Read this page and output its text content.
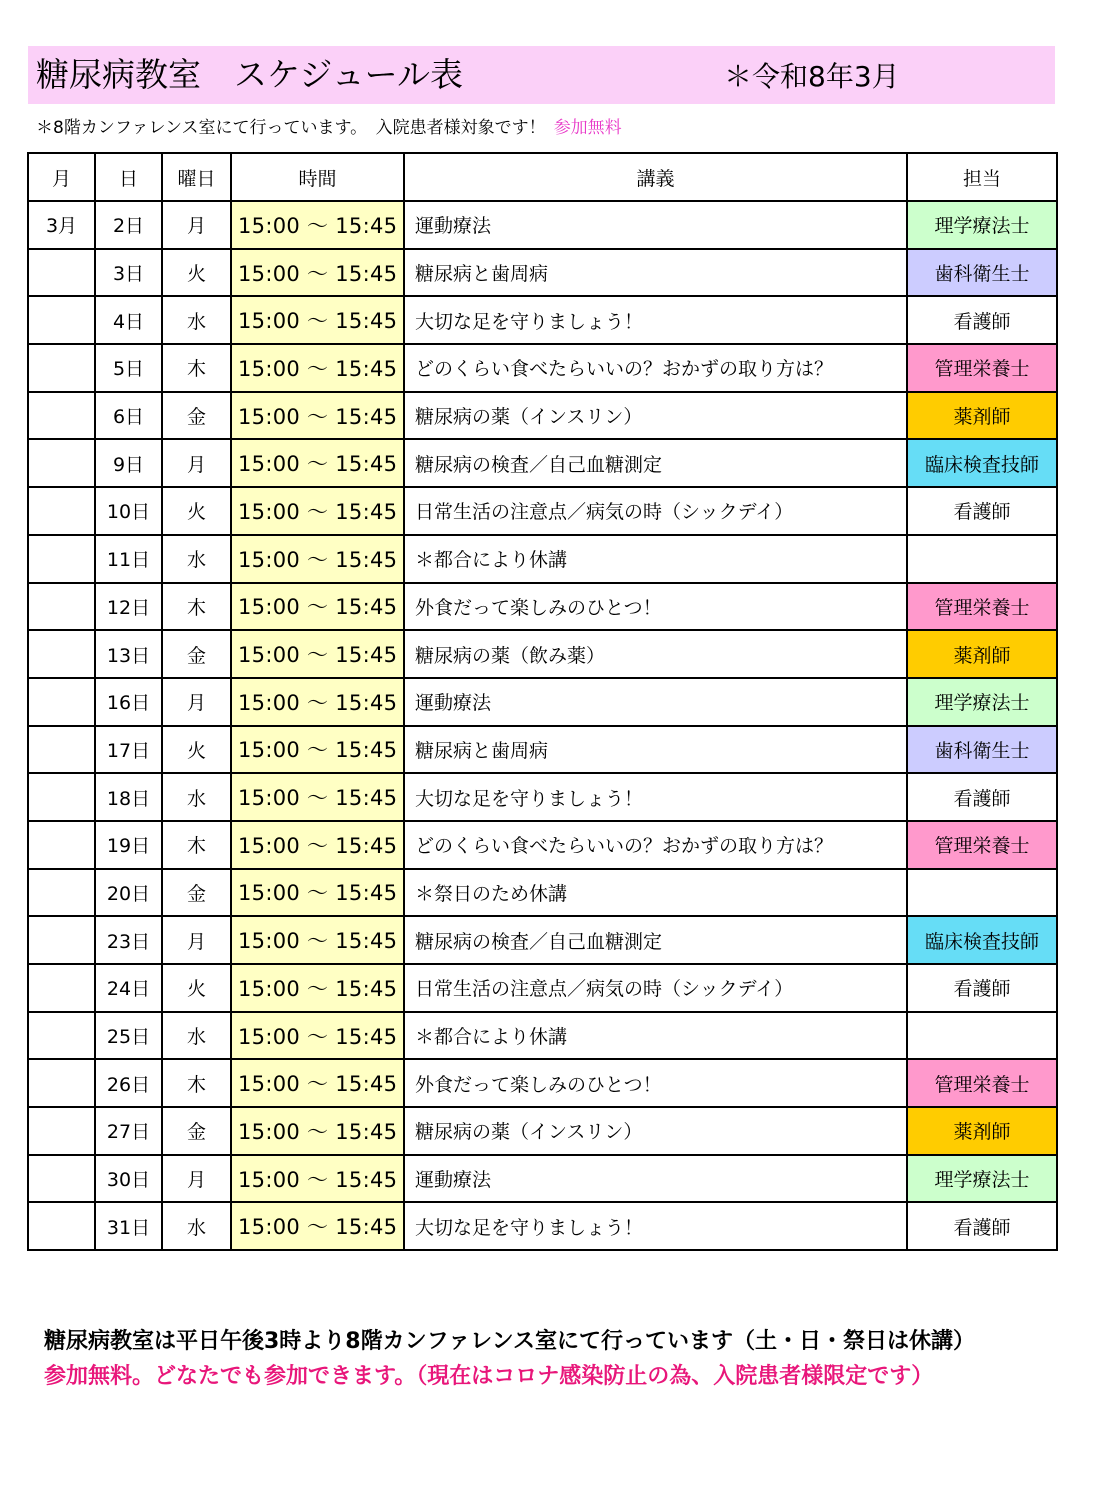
糖尿病教室　スケジュール表	＊令和8年3月
＊8階カンファレンス室にて行っています。　入院患者様対象です！ 参加無料
月	日	曜日	時間	講義	担当
3月	2日	月	15:00 ～ 15:45	運動療法	理学療法士
	3日	火	15:00 ～ 15:45	糖尿病と歯周病	歯科衛生士
	4日	水	15:00 ～ 15:45	大切な足を守りましょう！	看護師
	5日	木	15:00 ～ 15:45	どのくらい食べたらいいの？おかずの取り方は？	管理栄養士
	6日	金	15:00 ～ 15:45	糖尿病の薬（インスリン）	薬剤師
	9日	月	15:00 ～ 15:45	糖尿病の検査／自己血糖測定	臨床検査技師
	10日	火	15:00 ～ 15:45	日常生活の注意点／病気の時（シックデイ）	看護師
	11日	水	15:00 ～ 15:45	＊都合により休講	
	12日	木	15:00 ～ 15:45	外食だって楽しみのひとつ！	管理栄養士
	13日	金	15:00 ～ 15:45	糖尿病の薬（飲み薬）	薬剤師
	16日	月	15:00 ～ 15:45	運動療法	理学療法士
	17日	火	15:00 ～ 15:45	糖尿病と歯周病	歯科衛生士
	18日	水	15:00 ～ 15:45	大切な足を守りましょう！	看護師
	19日	木	15:00 ～ 15:45	どのくらい食べたらいいの？おかずの取り方は？	管理栄養士
	20日	金	15:00 ～ 15:45	＊祭日のため休講	
	23日	月	15:00 ～ 15:45	糖尿病の検査／自己血糖測定	臨床検査技師
	24日	火	15:00 ～ 15:45	日常生活の注意点／病気の時（シックデイ）	看護師
	25日	水	15:00 ～ 15:45	＊都合により休講	
	26日	木	15:00 ～ 15:45	外食だって楽しみのひとつ！	管理栄養士
	27日	金	15:00 ～ 15:45	糖尿病の薬（インスリン）	薬剤師
	30日	月	15:00 ～ 15:45	運動療法	理学療法士
	31日	水	15:00 ～ 15:45	大切な足を守りましょう！	看護師
糖尿病教室は平日午後3時より8階カンファレンス室にて行っています（土・日・祭日は休講）
参加無料。どなたでも参加できます。（現在はコロナ感染防止の為、入院患者様限定です）
